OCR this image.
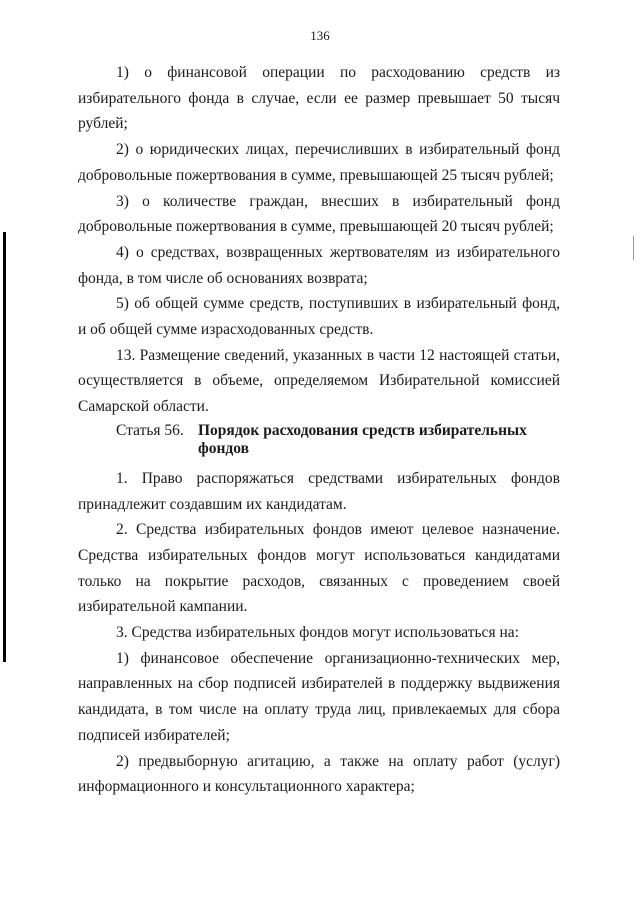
136

1) о финансовой операции по расходованию средств из избирательного фонда в случае, если ее размер превышает 50 тысяч рублей;

2) о юридических лицах, перечисливших в избирательный фонд добровольные пожертвования в сумме, превышающей 25 тысяч рублей;

3) о количестве граждан, внесших в избирательный фонд добровольные пожертвования в сумме, превышающей 20 тысяч рублей;

4) о средствах, возвращенных жертвователям из избирательного фонда, в том числе об основаниях возврата;

5) об общей сумме средств, поступивших в избирательный фонд, и об общей сумме израсходованных средств.

13. Размещение сведений, указанных в части 12 настоящей статьи, осуществляется в объеме, определяемом Избирательной комиссией Самарской области.

Статья 56. Порядок расходования средств избирательных фондов

1. Право распоряжаться средствами избирательных фондов принадлежит создавшим их кандидатам.

2. Средства избирательных фондов имеют целевое назначение. Средства избирательных фондов могут использоваться кандидатами только на покрытие расходов, связанных с проведением своей избирательной кампании.

3. Средства избирательных фондов могут использоваться на:

1) финансовое обеспечение организационно-технических мер, направленных на сбор подписей избирателей в поддержку выдвижения кандидата, в том числе на оплату труда лиц, привлекаемых для сбора подписей избирателей;

2) предвыборную агитацию, а также на оплату работ (услуг) информационного и консультационного характера;
